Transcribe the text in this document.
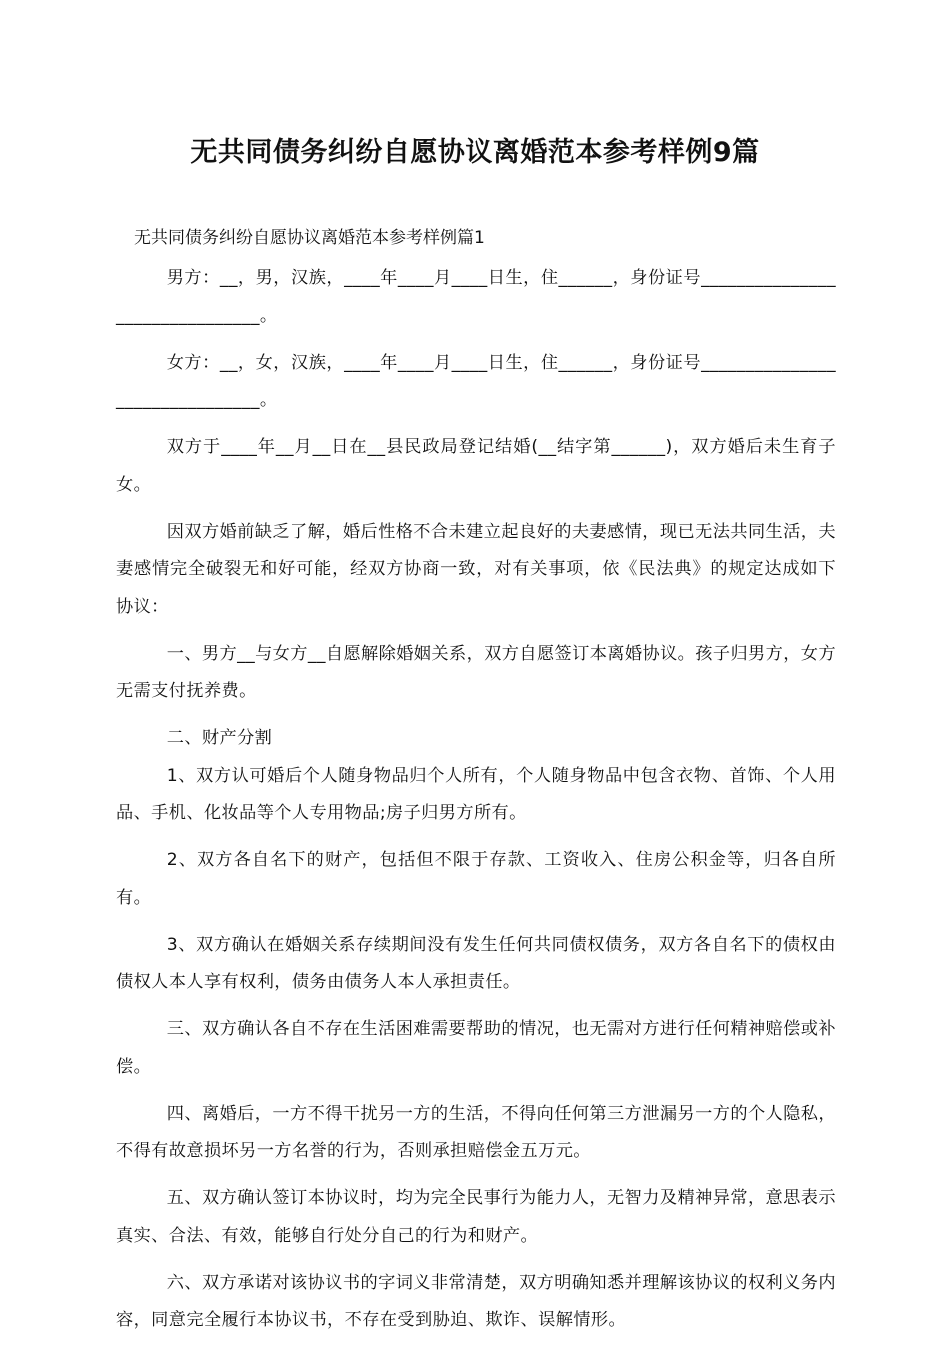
无共同债务纠纷自愿协议离婚范本参考样例9篇

无共同债务纠纷自愿协议离婚范本参考样例篇1

男方：__，男，汉族，____年____月____日生，住______，身份证号_______________________________。

女方：__，女，汉族，____年____月____日生，住______，身份证号_______________________________。

双方于____年__月__日在__县民政局登记结婚(__结字第______)，双方婚后未生育子女。

因双方婚前缺乏了解，婚后性格不合未建立起良好的夫妻感情，现已无法共同生活，夫妻感情完全破裂无和好可能，经双方协商一致，对有关事项，依《民法典》的规定达成如下协议：

一、男方__与女方__自愿解除婚姻关系，双方自愿签订本离婚协议。孩子归男方，女方无需支付抚养费。

二、财产分割

1、双方认可婚后个人随身物品归个人所有，个人随身物品中包含衣物、首饰、个人用品、手机、化妆品等个人专用物品;房子归男方所有。

2、双方各自名下的财产，包括但不限于存款、工资收入、住房公积金等，归各自所有。

3、双方确认在婚姻关系存续期间没有发生任何共同债权债务，双方各自名下的债权由债权人本人享有权利，债务由债务人本人承担责任。

三、双方确认各自不存在生活困难需要帮助的情况，也无需对方进行任何精神赔偿或补偿。

四、离婚后，一方不得干扰另一方的生活，不得向任何第三方泄漏另一方的个人隐私，不得有故意损坏另一方名誉的行为，否则承担赔偿金五万元。

五、双方确认签订本协议时，均为完全民事行为能力人，无智力及精神异常，意思表示真实、合法、有效，能够自行处分自己的行为和财产。

六、双方承诺对该协议书的字词义非常清楚，双方明确知悉并理解该协议的权利义务内容，同意完全履行本协议书，不存在受到胁迫、欺诈、误解情形。
